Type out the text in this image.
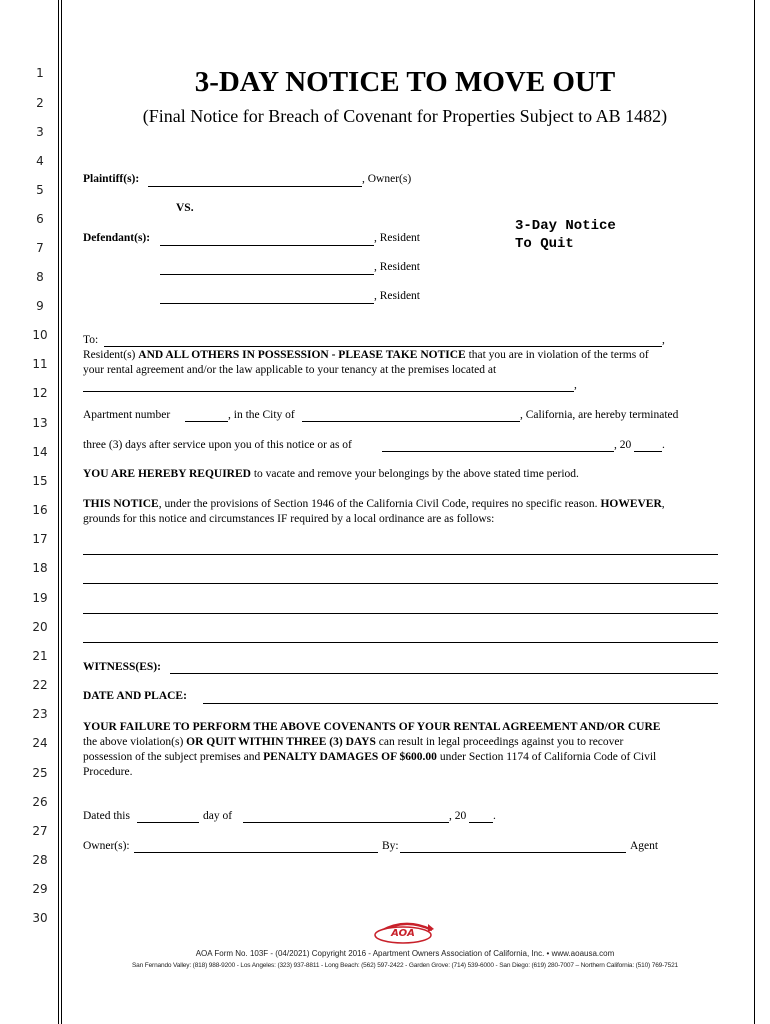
1
2
3
4
5
6
7
8
9
10
11
12
13
14
15
16
17
18
19
20
21
22
23
24
25
26
27
28
29
30
3-DAY NOTICE TO MOVE OUT
(Final Notice for Breach of Covenant for Properties Subject to AB 1482)
Plaintiff(s):	, Owner(s)
VS.
Defendant(s):	, Resident
, Resident
, Resident
3-Day Notice
To Quit
To:	,
Resident(s) AND ALL OTHERS IN POSSESSION - PLEASE TAKE NOTICE that you are in violation of the terms of
your rental agreement and/or the law applicable to your tenancy at the premises located at
,
Apartment number	, in the City of	, California, are hereby terminated
three (3) days after service upon you of this notice or as of	, 20	.
YOU ARE HEREBY REQUIRED to vacate and remove your belongings by the above stated time period.
THIS NOTICE, under the provisions of Section 1946 of the California Civil Code, requires no specific reason. HOWEVER,
grounds for this notice and circumstances IF required by a local ordinance are as follows:
WITNESS(ES):
DATE AND PLACE:
YOUR FAILURE TO PERFORM THE ABOVE COVENANTS OF YOUR RENTAL AGREEMENT AND/OR CURE
the above violation(s) OR QUIT WITHIN THREE (3) DAYS can result in legal proceedings against you to recover
possession of the subject premises and PENALTY DAMAGES OF $600.00 under Section 1174 of California Code of Civil
Procedure.
Dated this	day of	, 20 .
Owner(s):	By:	Agent
AOA
AOA Form No. 103F - (04/2021) Copyright 2016 - Apartment Owners Association of California, Inc. • www.aoausa.com
San Fernando Valley: (818) 988-9200 - Los Angeles: (323) 937-8811 - Long Beach: (562) 597-2422 - Garden Grove: (714) 539-6000 - San Diego: (619) 280-7007 – Northern California: (510) 769-7521
